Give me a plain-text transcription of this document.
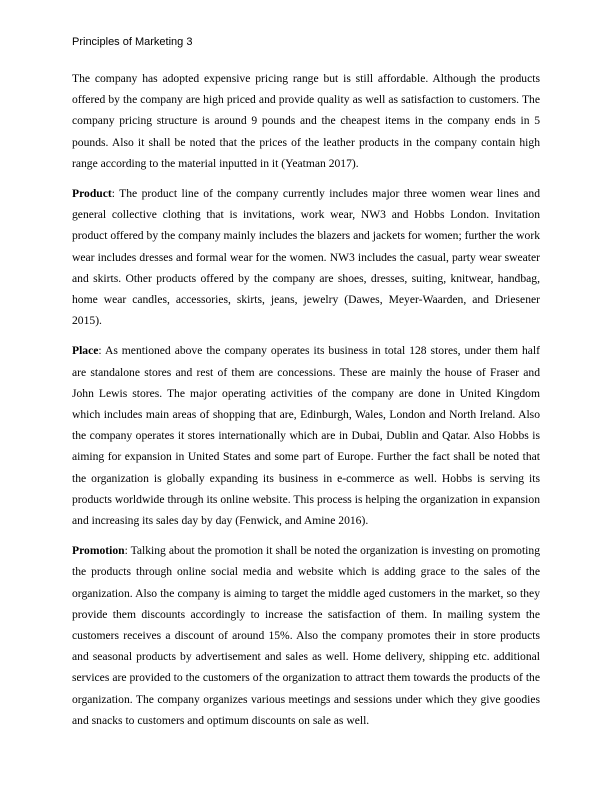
Principles of Marketing 3

The company has adopted expensive pricing range but is still affordable. Although the products offered by the company are high priced and provide quality as well as satisfaction to customers. The company pricing structure is around 9 pounds and the cheapest items in the company ends in 5 pounds. Also it shall be noted that the prices of the leather products in the company contain high range according to the material inputted in it (Yeatman 2017).

Product: The product line of the company currently includes major three women wear lines and general collective clothing that is invitations, work wear, NW3 and Hobbs London. Invitation product offered by the company mainly includes the blazers and jackets for women; further the work wear includes dresses and formal wear for the women. NW3 includes the casual, party wear sweater and skirts. Other products offered by the company are shoes, dresses, suiting, knitwear, handbag, home wear candles, accessories, skirts, jeans, jewelry (Dawes, Meyer-Waarden, and Driesener 2015).

Place: As mentioned above the company operates its business in total 128 stores, under them half are standalone stores and rest of them are concessions. These are mainly the house of Fraser and John Lewis stores. The major operating activities of the company are done in United Kingdom which includes main areas of shopping that are, Edinburgh, Wales, London and North Ireland. Also the company operates it stores internationally which are in Dubai, Dublin and Qatar. Also Hobbs is aiming for expansion in United States and some part of Europe. Further the fact shall be noted that the organization is globally expanding its business in e-commerce as well. Hobbs is serving its products worldwide through its online website. This process is helping the organization in expansion and increasing its sales day by day (Fenwick, and Amine 2016).

Promotion: Talking about the promotion it shall be noted the organization is investing on promoting the products through online social media and website which is adding grace to the sales of the organization. Also the company is aiming to target the middle aged customers in the market, so they provide them discounts accordingly to increase the satisfaction of them. In mailing system the customers receives a discount of around 15%. Also the company promotes their in store products and seasonal products by advertisement and sales as well. Home delivery, shipping etc. additional services are provided to the customers of the organization to attract them towards the products of the organization. The company organizes various meetings and sessions under which they give goodies and snacks to customers and optimum discounts on sale as well.
